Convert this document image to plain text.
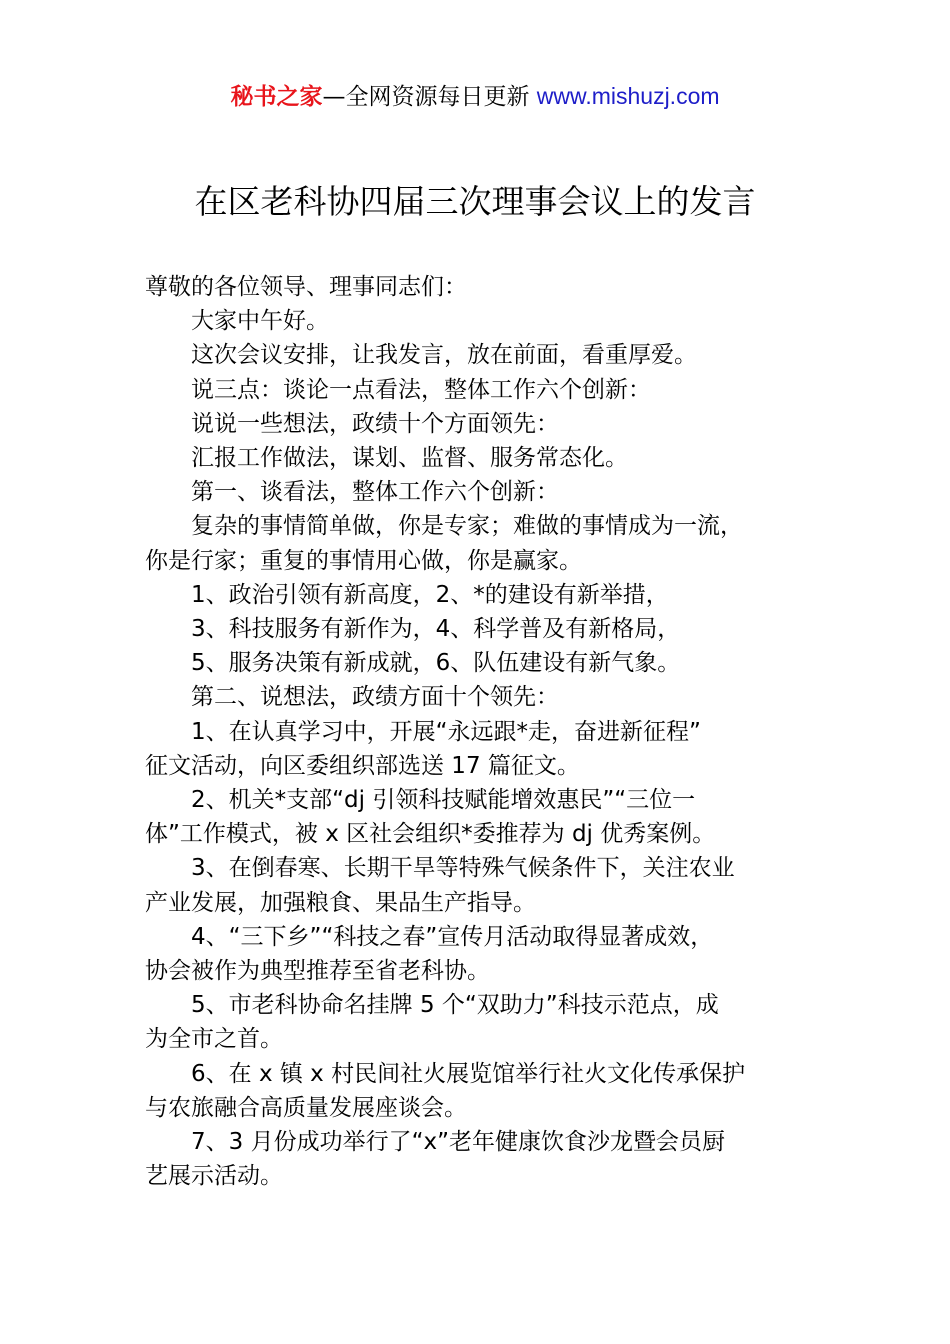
秘书之家—全网资源每日更新 www.mishuzj.com
在区老科协四届三次理事会议上的发言

尊敬的各位领导、理事同志们：

　　大家中午好。

　　这次会议安排，让我发言，放在前面，看重厚爱。

　　说三点：谈论一点看法，整体工作六个创新：

　　说说一些想法，政绩十个方面领先：

　　汇报工作做法，谋划、监督、服务常态化。

　　第一、谈看法，整体工作六个创新：

　　复杂的事情简单做，你是专家；难做的事情成为一流，

你是行家；重复的事情用心做，你是赢家。

　　1、政治引领有新高度，2、*的建设有新举措，

　　3、科技服务有新作为，4、科学普及有新格局，

　　5、服务决策有新成就，6、队伍建设有新气象。

　　第二、说想法，政绩方面十个领先：

　　1、在认真学习中，开展“永远跟*走，奋进新征程”

征文活动，向区委组织部选送 17 篇征文。

　　2、机关*支部“dj 引领科技赋能增效惠民”“三位一

体”工作模式，被 x 区社会组织*委推荐为 dj 优秀案例。

　　3、在倒春寒、长期干旱等特殊气候条件下，关注农业

产业发展，加强粮食、果品生产指导。

　　4、“三下乡”“科技之春”宣传月活动取得显著成效，

协会被作为典型推荐至省老科协。

　　5、市老科协命名挂牌 5 个“双助力”科技示范点，成

为全市之首。

　　6、在 x 镇 x 村民间社火展览馆举行社火文化传承保护

与农旅融合高质量发展座谈会。

　　7、3 月份成功举行了“x”老年健康饮食沙龙暨会员厨

艺展示活动。
